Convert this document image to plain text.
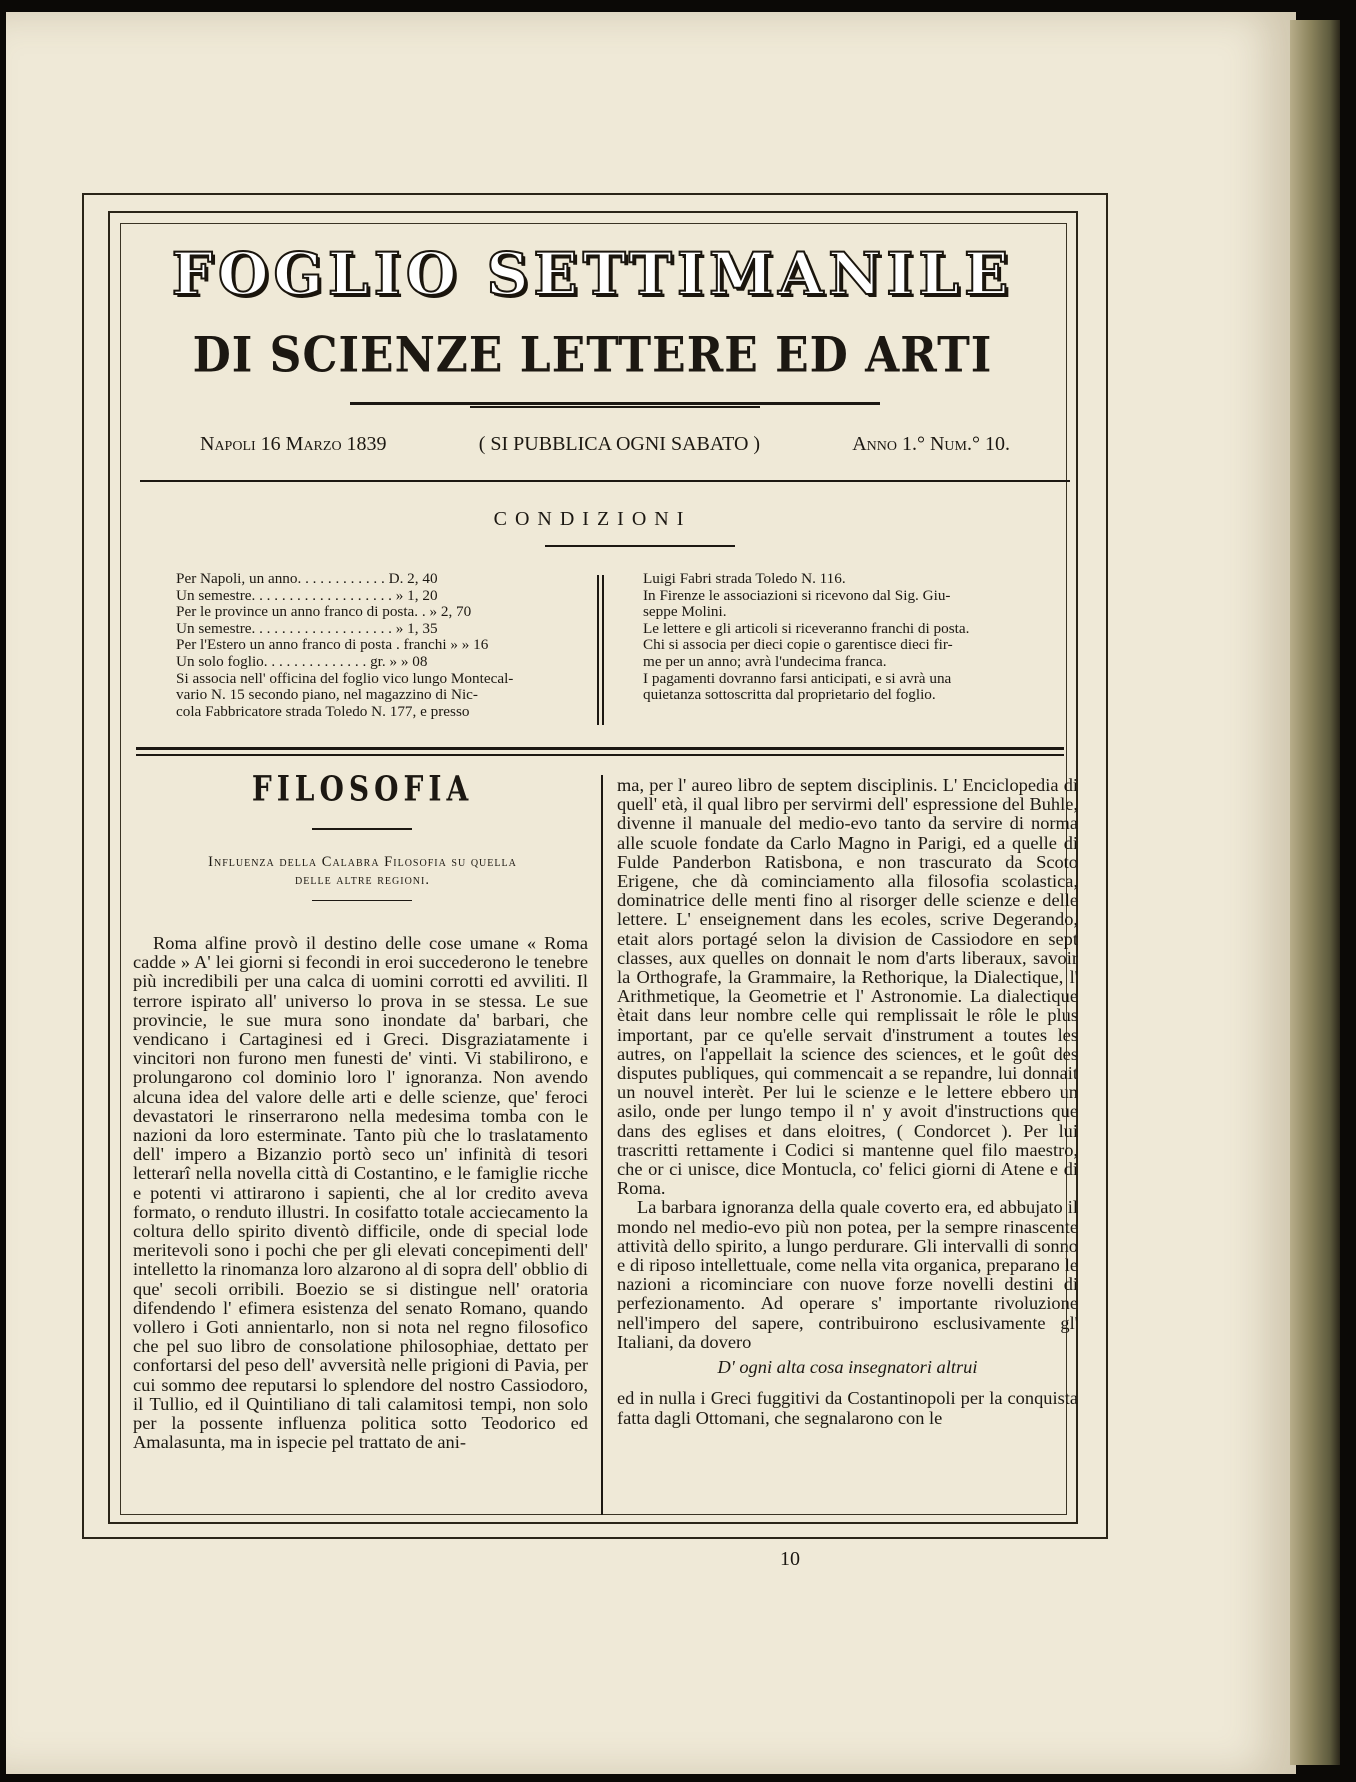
FOGLIO SETTIMANILE
DI SCIENZE LETTERE ED ARTI
Napoli 16 Marzo 1839	( SI PUBBLICA OGNI SABATO )	Anno 1.° Num.° 10.
CONDIZIONI

Per Napoli, un anno. . . . . . . . . . . . D. 2, 40

Un semestre. . . . . . . . . . . . . . . . . . . » 1, 20

Per le province un anno franco di posta. . » 2, 70

Un semestre. . . . . . . . . . . . . . . . . . . » 1, 35

Per l'Estero un anno franco di posta . franchi » » 16

Un solo foglio. . . . . . . . . . . . . . gr. » » 08

Si associa nell' officina del foglio vico lungo Montecal-

vario N. 15 secondo piano, nel magazzino di Nic-

cola Fabbricatore strada Toledo N. 177, e presso

Luigi Fabri strada Toledo N. 116.

In Firenze le associazioni si ricevono dal Sig. Giu-

seppe Molini.

Le lettere e gli articoli si riceveranno franchi di posta.

Chi si associa per dieci copie o garentisce dieci fir-

me per un anno; avrà l'undecima franca.

I pagamenti dovranno farsi anticipati, e si avrà una

quietanza sottoscritta dal proprietario del foglio.

FILOSOFIA
Influenza della Calabra Filosofia su quella
delle altre regioni.

Roma alfine provò il destino delle cose umane « Roma cadde » A' lei giorni si fecondi in eroi succederono le tenebre più incredibili per una calca di uomini corrotti ed avviliti. Il terrore ispirato all' universo lo prova in se stessa. Le sue provincie, le sue mura sono inondate da' barbari, che vendicano i Cartaginesi ed i Greci. Disgraziatamente i vincitori non furono men funesti de' vinti. Vi stabilirono, e prolungarono col dominio loro l' ignoranza. Non avendo alcuna idea del valore delle arti e delle scienze, que' feroci devastatori le rinserrarono nella medesima tomba con le nazioni da loro esterminate. Tanto più che lo traslatamento dell' impero a Bizanzio portò seco un' infinità di tesori letterarî nella novella città di Costantino, e le famiglie ricche e potenti vi attirarono i sapienti, che al lor credito aveva formato, o renduto illustri. In cosifatto totale acciecamento la coltura dello spirito diventò difficile, onde di special lode meritevoli sono i pochi che per gli elevati concepimenti dell' intelletto la rinomanza loro alzarono al di sopra dell' obblio di que' secoli orribili. Boezio se si distingue nell' oratoria difendendo l' efimera esistenza del senato Romano, quando vollero i Goti annientarlo, non si nota nel regno filosofico che pel suo libro de consolatione philosophiae, dettato per confortarsi del peso dell' avversità nelle prigioni di Pavia, per cui sommo dee reputarsi lo splendore del nostro Cassiodoro, il Tullio, ed il Quintiliano di tali calamitosi tempi, non solo per la possente influenza politica sotto Teodorico ed Amalasunta, ma in ispecie pel trattato de ani-

ma, per l' aureo libro de septem disciplinis. L' Enciclopedia di quell' età, il qual libro per servirmi dell' espressione del Buhle, divenne il manuale del medio-evo tanto da servire di norma alle scuole fondate da Carlo Magno in Parigi, ed a quelle di Fulde Panderbon Ratisbona, e non trascurato da Scoto Erigene, che dà cominciamento alla filosofia scolastica, dominatrice delle menti fino al risorger delle scienze e delle lettere. L' enseignement dans les ecoles, scrive Degerando, etait alors portagé selon la division de Cassiodore en sept classes, aux quelles on donnait le nom d'arts liberaux, savoir la Orthografe, la Grammaire, la Rethorique, la Dialectique, l' Arithmetique, la Geometrie et l' Astronomie. La dialectique ètait dans leur nombre celle qui remplissait le rôle le plus important, par ce qu'elle servait d'instrument a toutes les autres, on l'appellait la science des sciences, et le goût des disputes publiques, qui commencait a se repandre, lui donnait un nouvel interèt. Per lui le scienze e le lettere ebbero un asilo, onde per lungo tempo il n' y avoit d'instructions que dans des eglises et dans eloitres, ( Condorcet ). Per lui trascritti rettamente i Codici si mantenne quel filo maestro, che or ci unisce, dice Montucla, co' felici giorni di Atene e di Roma.

La barbara ignoranza della quale coverto era, ed abbujato il mondo nel medio-evo più non potea, per la sempre rinascente attività dello spirito, a lungo perdurare. Gli intervalli di sonno e di riposo intellettuale, come nella vita organica, preparano le nazioni a ricominciare con nuove forze novelli destini di perfezionamento. Ad operare s' importante rivoluzione nell'impero del sapere, contribuirono esclusivamente gl' Italiani, da dovero

D' ogni alta cosa insegnatori altrui

ed in nulla i Greci fuggitivi da Costantinopoli per la conquista fatta dagli Ottomani, che segnalarono con le

10
